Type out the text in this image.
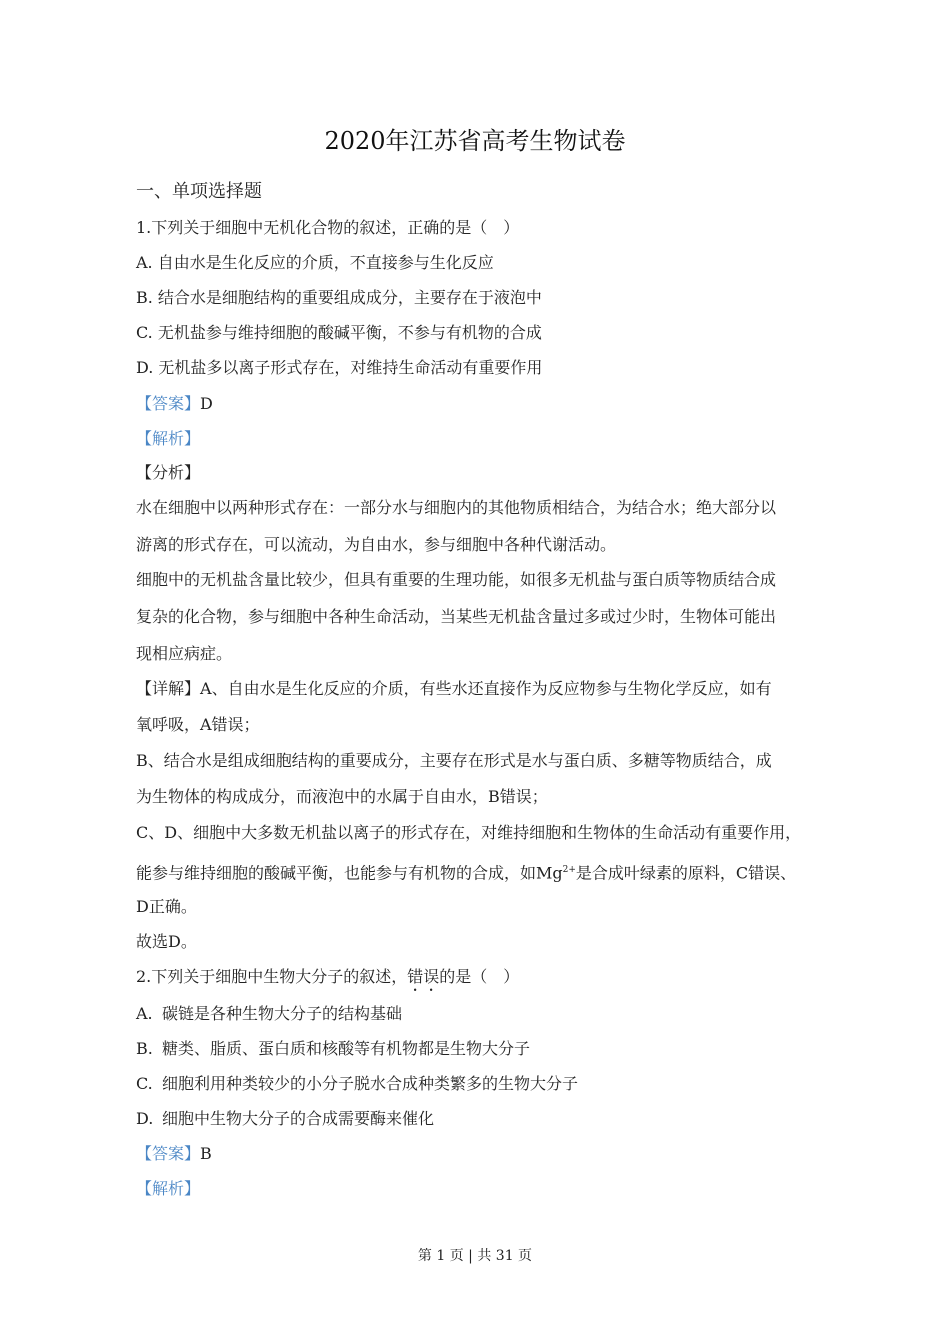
2020年江苏省高考生物试卷
一、单项选择题
1.下列关于细胞中无机化合物的叙述，正确的是（　）
A. 自由水是生化反应的介质，不直接参与生化反应
B. 结合水是细胞结构的重要组成成分，主要存在于液泡中
C. 无机盐参与维持细胞的酸碱平衡，不参与有机物的合成
D. 无机盐多以离子形式存在，对维持生命活动有重要作用
【答案】D
【解析】
【分析】
水在细胞中以两种形式存在：一部分水与细胞内的其他物质相结合，为结合水；绝大部分以
游离的形式存在，可以流动，为自由水，参与细胞中各种代谢活动。
细胞中的无机盐含量比较少，但具有重要的生理功能，如很多无机盐与蛋白质等物质结合成
复杂的化合物，参与细胞中各种生命活动，当某些无机盐含量过多或过少时，生物体可能出
现相应病症。
【详解】A、自由水是生化反应的介质，有些水还直接作为反应物参与生物化学反应，如有
氧呼吸，A错误；
B、结合水是组成细胞结构的重要成分，主要存在形式是水与蛋白质、多糖等物质结合，成
为生物体的构成成分，而液泡中的水属于自由水，B错误；
C、D、细胞中大多数无机盐以离子的形式存在，对维持细胞和生物体的生命活动有重要作用，
能参与维持细胞的酸碱平衡，也能参与有机物的合成，如$Mg^{2+}$是合成叶绿素的原料，C错误、
D正确。
故选D。
2.下列关于细胞中生物大分子的叙述，错误的是（　）
A. 碳链是各种生物大分子的结构基础
B. 糖类、脂质、蛋白质和核酸等有机物都是生物大分子
C. 细胞利用种类较少的小分子脱水合成种类繁多的生物大分子
D. 细胞中生物大分子的合成需要酶来催化
【答案】B
【解析】
第 1 页 | 共 31 页
